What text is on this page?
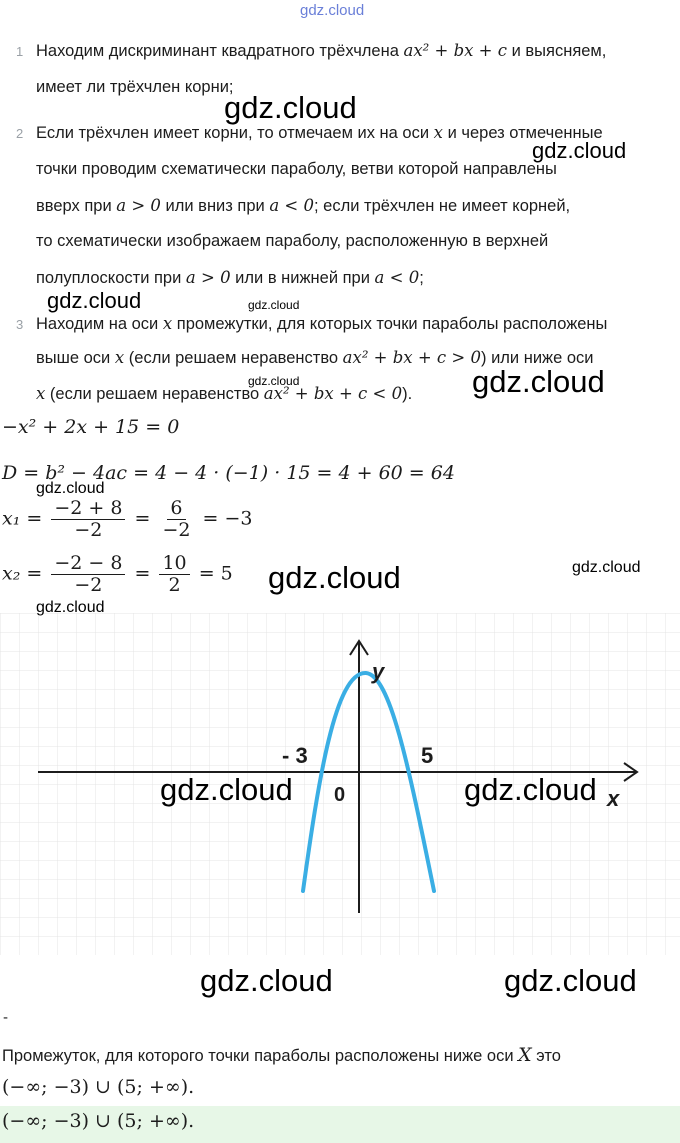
gdz.cloud
1 Находим дискриминант квадратного трёхчлена ax² + bx + c и выясняем,
имеет ли трёхчлен корни;
2 Если трёхчлен имеет корни, то отмечаем их на оси x и через отмеченные
точки проводим схематически параболу, ветви которой направлены
вверх при a > 0 или вниз при a < 0; если трёхчлен не имеет корней,
то схематически изображаем параболу, расположенную в верхней
полуплоскости при a > 0 или в нижней при a < 0;
3 Находим на оси x промежутки, для которых точки параболы расположены
выше оси x (если решаем неравенство ax² + bx + c > 0) или ниже оси
x (если решаем неравенство ax² + bx + c < 0).
−x² + 2x + 15 = 0
D = b² − 4ac = 4 − 4 · (−1) · 15 = 4 + 60 = 64
$x_1 = \frac{-2 + 8}{-2} = \frac{6}{-2} = -3$
$x_2 = \frac{-2 - 8}{-2} = \frac{10}{2} = 5$
- 3	5
0
y
x
-
Промежуток, для которого точки параболы расположены ниже оси X это
(−∞; −3) ∪ (5; +∞).
(−∞; −3) ∪ (5; +∞).
gdz.cloud
gdz.cloud
gdz.cloud	gdz.cloud
gdz.cloud	gdz.cloud
gdz.cloud
gdz.cloud	gdz.cloud
gdz.cloud
gdz.cloud	gdz.cloud
gdz.cloud	gdz.cloud
